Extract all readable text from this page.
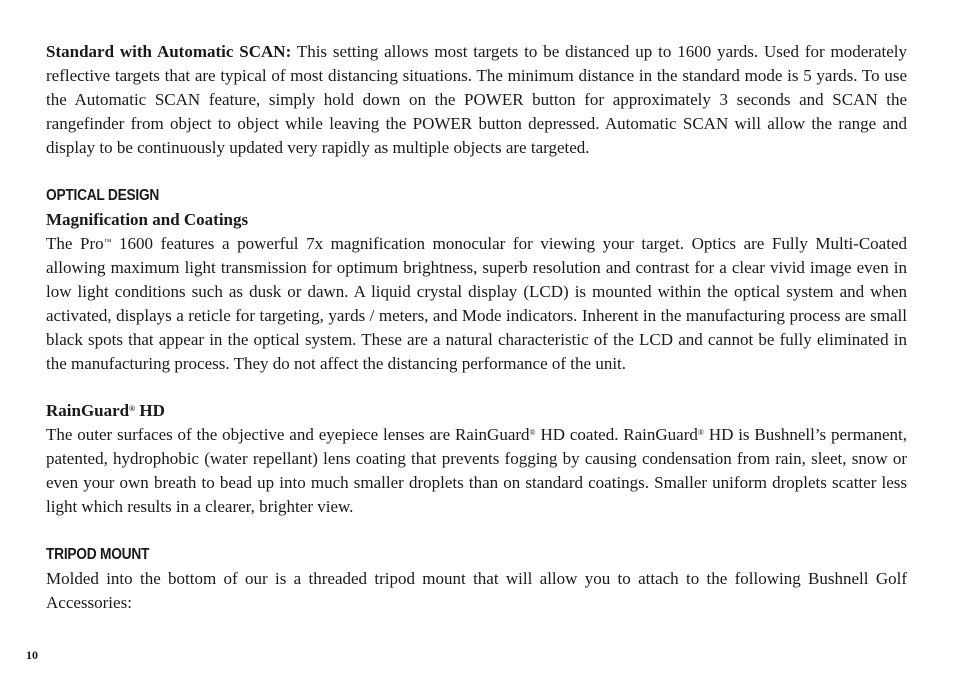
Standard with Automatic SCAN: This setting allows most targets to be distanced up to 1600 yards. Used for moderately reflective targets that are typical of most distancing situations. The minimum distance in the standard mode is 5 yards. To use the Automatic SCAN feature, simply hold down on the POWER button for approximately 3 seconds and SCAN the rangefinder from object to object while leaving the POWER button depressed. Automatic SCAN will allow the range and display to be continuously updated very rapidly as multiple objects are targeted.

OPTICAL DESIGN
Magnification and Coatings

The Pro™ 1600 features a powerful 7x magnification monocular for viewing your target. Optics are Fully Multi-Coated allowing maximum light transmission for optimum brightness, superb resolution and contrast for a clear vivid image even in low light conditions such as dusk or dawn. A liquid crystal display (LCD) is mounted within the optical system and when activated, displays a reticle for targeting, yards / meters, and Mode indicators. Inherent in the manufacturing process are small black spots that appear in the optical system. These are a natural characteristic of the LCD and cannot be fully eliminated in the manufacturing process. They do not affect the distancing performance of the unit.

RainGuard® HD

The outer surfaces of the objective and eyepiece lenses are RainGuard® HD coated. RainGuard® HD is Bushnell’s permanent, patented, hydrophobic (water repellant) lens coating that prevents fogging by causing condensation from rain, sleet, snow or even your own breath to bead up into much smaller droplets than on standard coatings. Smaller uniform droplets scatter less light which results in a clearer, brighter view.

TRIPOD MOUNT

Molded into the bottom of our is a threaded tripod mount that will allow you to attach to the following Bushnell Golf Accessories:

10
